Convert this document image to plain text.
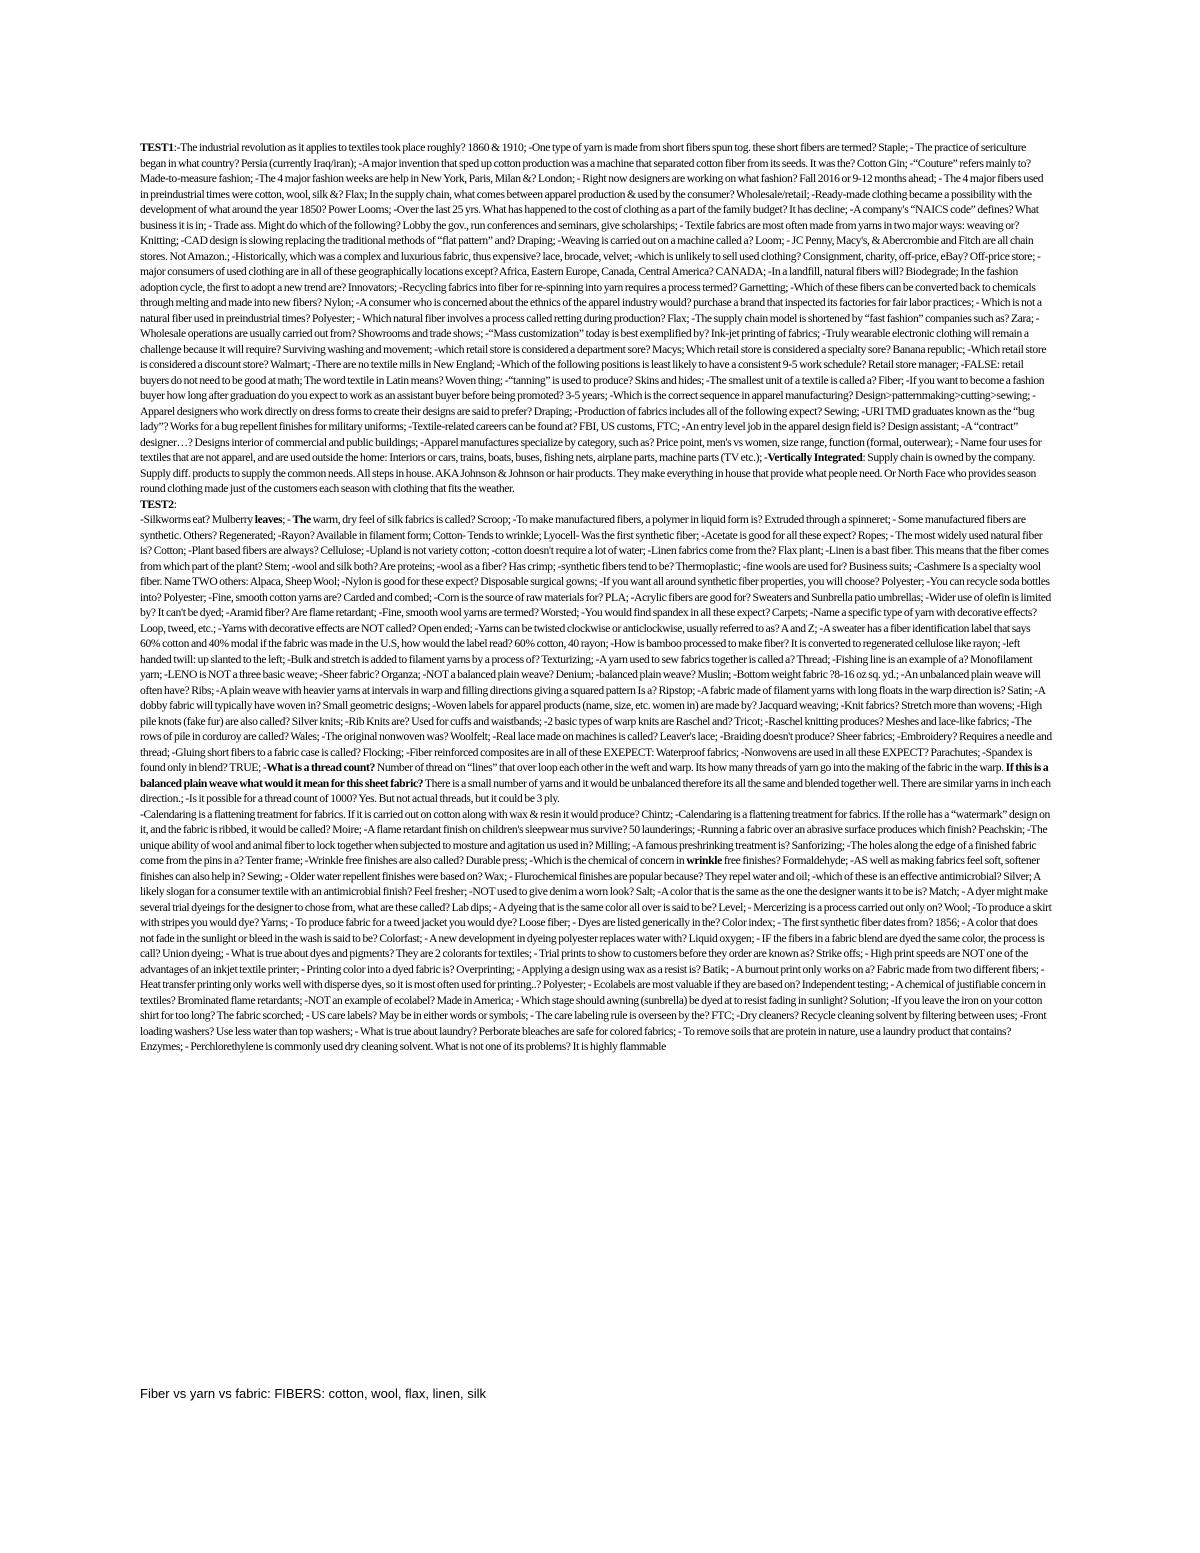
TEST1:-The industrial revolution as it applies to textiles took place roughly? 1860 & 1910; -One type of yarn is made from short fibers spun tog. these short fibers are termed? Staple; - The practice of sericulture began in what country? Persia (currently Iraq/iran); -A major invention that sped up cotton production was a machine that separated cotton fiber from its seeds. It was the? Cotton Gin; -“Couture” refers mainly to? Made-to-measure fashion; -The 4 major fashion weeks are help in New York, Paris, Milan &? London; - Right now designers are working on what fashion? Fall 2016 or 9-12 months ahead; - The 4 major fibers used in preindustrial times were cotton, wool, silk &? Flax; In the supply chain, what comes between apparel production & used by the consumer? Wholesale/retail; -Ready-made clothing became a possibility with the development of what around the year 1850? Power Looms; -Over the last 25 yrs. What has happened to the cost of clothing as a part of the family budget? It has decline; -A company's “NAICS code” defines? What business it is in; - Trade ass. Might do which of the following? Lobby the gov., run conferences and seminars, give scholarships; - Textile fabrics are most often made from yarns in two major ways: weaving or? Knitting; -CAD design is slowing replacing the traditional methods of “flat pattern” and? Draping; -Weaving is carried out on a machine called a? Loom; - JC Penny, Macy's, & Abercrombie and Fitch are all chain stores. Not Amazon.; -Historically, which was a complex and luxurious fabric, thus expensive? lace, brocade, velvet; -which is unlikely to sell used clothing? Consignment, charity, off-price, eBay? Off-price store; -major consumers of used clothing are in all of these geographically locations except? Africa, Eastern Europe, Canada, Central America? CANADA; -In a landfill, natural fibers will? Biodegrade; In the fashion adoption cycle, the first to adopt a new trend are? Innovators; -Recycling fabrics into fiber for re-spinning into yarn requires a process termed? Garnetting; -Which of these fibers can be converted back to chemicals through melting and made into new fibers? Nylon; -A consumer who is concerned about the ethnics of the apparel industry would? purchase a brand that inspected its factories for fair labor practices; - Which is not a natural fiber used in preindustrial times? Polyester; - Which natural fiber involves a process called retting during production? Flax; -The supply chain model is shortened by “fast fashion” companies such as? Zara; -Wholesale operations are usually carried out from? Showrooms and trade shows; -“Mass customization” today is best exemplified by? Ink-jet printing of fabrics; -Truly wearable electronic clothing will remain a challenge because it will require? Surviving washing and movement; -which retail store is considered a department sore? Macys; Which retail store is considered a specialty sore? Banana republic; -Which retail store is considered a discount store? Walmart; -There are no textile mills in New England; -Which of the following positions is least likely to have a consistent 9-5 work schedule? Retail store manager; -FALSE: retail buyers do not need to be good at math; The word textile in Latin means? Woven thing; -“tanning” is used to produce? Skins and hides; -The smallest unit of a textile is called a? Fiber; -If you want to become a fashion buyer how long after graduation do you expect to work as an assistant buyer before being promoted? 3-5 years; -Which is the correct sequence in apparel manufacturing? Design>patternmaking>cutting>sewing; -Apparel designers who work directly on dress forms to create their designs are said to prefer? Draping; -Production of fabrics includes all of the following expect? Sewing; -URI TMD graduates known as the “bug lady”? Works for a bug repellent finishes for military uniforms; -Textile-related careers can be found at? FBI, US customs, FTC; -An entry level job in the apparel design field is? Design assistant; -A “contract” designer…? Designs interior of commercial and public buildings; -Apparel manufactures specialize by category, such as? Price point, men's vs women, size range, function (formal, outerwear); - Name four uses for textiles that are not apparel, and are used outside the home: Interiors or cars, trains, boats, buses, fishing nets, airplane parts, machine parts (TV etc.); -Vertically Integrated: Supply chain is owned by the company. Supply diff. products to supply the common needs. All steps in house. AKA Johnson & Johnson or hair products. They make everything in house that provide what people need. Or North Face who provides season round clothing made just of the customers each season with clothing that fits the weather.

TEST2:

-Silkworms eat? Mulberry leaves; - The warm, dry feel of silk fabrics is called? Scroop; -To make manufactured fibers, a polymer in liquid form is? Extruded through a spinneret; - Some manufactured fibers are synthetic. Others? Regenerated; -Rayon? Available in filament form; Cotton- Tends to wrinkle; Lyocell- Was the first synthetic fiber; -Acetate is good for all these expect? Ropes; - The most widely used natural fiber is? Cotton; -Plant based fibers are always? Cellulose; -Upland is not variety cotton; -cotton doesn't require a lot of water; -Linen fabrics come from the? Flax plant; -Linen is a bast fiber. This means that the fiber comes from which part of the plant? Stem; -wool and silk both? Are proteins; -wool as a fiber? Has crimp; -synthetic fibers tend to be? Thermoplastic; -fine wools are used for? Business suits; -Cashmere Is a specialty wool fiber. Name TWO others: Alpaca, Sheep Wool; -Nylon is good for these expect? Disposable surgical gowns; -If you want all around synthetic fiber properties, you will choose? Polyester; -You can recycle soda bottles into? Polyester; -Fine, smooth cotton yarns are? Carded and combed; -Corn is the source of raw materials for? PLA; -Acrylic fibers are good for? Sweaters and Sunbrella patio umbrellas; -Wider use of olefin is limited by? It can't be dyed; -Aramid fiber? Are flame retardant; -Fine, smooth wool yarns are termed? Worsted; -You would find spandex in all these expect? Carpets; -Name a specific type of yarn with decorative effects? Loop, tweed, etc.; -Yarns with decorative effects are NOT called? Open ended; -Yarns can be twisted clockwise or anticlockwise, usually referred to as? A and Z; -A sweater has a fiber identification label that says 60% cotton and 40% modal if the fabric was made in the U.S, how would the label read? 60% cotton, 40 rayon; -How is bamboo processed to make fiber? It is converted to regenerated cellulose like rayon; -left handed twill: up slanted to the left; -Bulk and stretch is added to filament yarns by a process of? Texturizing; -A yarn used to sew fabrics together is called a? Thread; -Fishing line is an example of a? Monofilament yarn; -LENO is NOT a three basic weave; -Sheer fabric? Organza; -NOT a balanced plain weave? Denium; -balanced plain weave? Muslin; -Bottom weight fabric ?8-16 oz sq. yd.; -An unbalanced plain weave will often have? Ribs; -A plain weave with heavier yarns at intervals in warp and filling directions giving a squared pattern Is a? Ripstop; -A fabric made of filament yarns with long floats in the warp direction is? Satin; -A dobby fabric will typically have woven in? Small geometric designs; -Woven labels for apparel products (name, size, etc. women in) are made by? Jacquard weaving; -Knit fabrics? Stretch more than wovens; -High pile knots (fake fur) are also called? Silver knits; -Rib Knits are? Used for cuffs and waistbands; -2 basic types of warp knits are Raschel and? Tricot; -Raschel knitting produces? Meshes and lace-like fabrics; -The rows of pile in corduroy are called? Wales; -The original nonwoven was? Woolfelt; -Real lace made on machines is called? Leaver's lace; -Braiding doesn't produce? Sheer fabrics; -Embroidery? Requires a needle and thread; -Gluing short fibers to a fabric case is called? Flocking; -Fiber reinforced composites are in all of these EXEPECT: Waterproof fabrics; -Nonwovens are used in all these EXPECT? Parachutes; -Spandex is found only in blend? TRUE; -What is a thread count? Number of thread on “lines” that over loop each other in the weft and warp. Its how many threads of yarn go into the making of the fabric in the warp. If this is a balanced plain weave what would it mean for this sheet fabric? There is a small number of yarns and it would be unbalanced therefore its all the same and blended together well. There are similar yarns in inch each direction.; -Is it possible for a thread count of 1000? Yes. But not actual threads, but it could be 3 ply.

-Calendaring is a flattening treatment for fabrics. If it is carried out on cotton along with wax & resin it would produce? Chintz; -Calendaring is a flattening treatment for fabrics. If the rolle has a “watermark” design on it, and the fabric is ribbed, it would be called? Moire; -A flame retardant finish on children's sleepwear mus survive? 50 launderings; -Running a fabric over an abrasive surface produces which finish? Peachskin; -The unique ability of wool and animal fiber to lock together when subjected to mosture and agitation us used in? Milling; -A famous preshrinking treatment is? Sanforizing; -The holes along the edge of a finished fabric come from the pins in a? Tenter frame; -Wrinkle free finishes are also called? Durable press; -Which is the chemical of concern in wrinkle free finishes? Formaldehyde; -AS well as making fabrics feel soft, softener finishes can also help in? Sewing; - Older water repellent finishes were based on? Wax; - Flurochemical finishes are popular because? They repel water and oil; -which of these is an effective antimicrobial? Silver; A likely slogan for a consumer textile with an antimicrobial finish? Feel fresher; -NOT used to give denim a worn look? Salt; -A color that is the same as the one the designer wants it to be is? Match; - A dyer might make several trial dyeings for the designer to chose from, what are these called? Lab dips; - A dyeing that is the same color all over is said to be? Level; - Mercerizing is a process carried out only on? Wool; -To produce a skirt with stripes you would dye? Yarns; - To produce fabric for a tweed jacket you would dye? Loose fiber; - Dyes are listed generically in the? Color index; - The first synthetic fiber dates from? 1856; - A color that does not fade in the sunlight or bleed in the wash is said to be? Colorfast; - A new development in dyeing polyester replaces water with? Liquid oxygen; - IF the fibers in a fabric blend are dyed the same color, the process is call? Union dyeing; - What is true about dyes and pigments? They are 2 colorants for textiles; - Trial prints to show to customers before they order are known as? Strike offs; - High print speeds are NOT one of the advantages of an inkjet textile printer; - Printing color into a dyed fabric is? Overprinting; - Applying a design using wax as a resist is? Batik; - A burnout print only works on a? Fabric made from two different fibers; - Heat transfer printing only works well with disperse dyes, so it is most often used for printing..? Polyester; - Ecolabels are most valuable if they are based on? Independent testing; - A chemical of justifiable concern in textiles? Brominated flame retardants; -NOT an example of ecolabel? Made in America; - Which stage should awning (sunbrella) be dyed at to resist fading in sunlight? Solution; -If you leave the iron on your cotton shirt for too long? The fabric scorched; - US care labels? May be in either words or symbols; - The care labeling rule is overseen by the? FTC; -Dry cleaners? Recycle cleaning solvent by filtering between uses; -Front loading washers? Use less water than top washers; - What is true about laundry? Perborate bleaches are safe for colored fabrics; - To remove soils that are protein in nature, use a laundry product that contains? Enzymes; - Perchlorethylene is commonly used dry cleaning solvent. What is not one of its problems? It is highly flammable

Fiber vs yarn vs fabric: FIBERS: cotton, wool, flax, linen, silk
